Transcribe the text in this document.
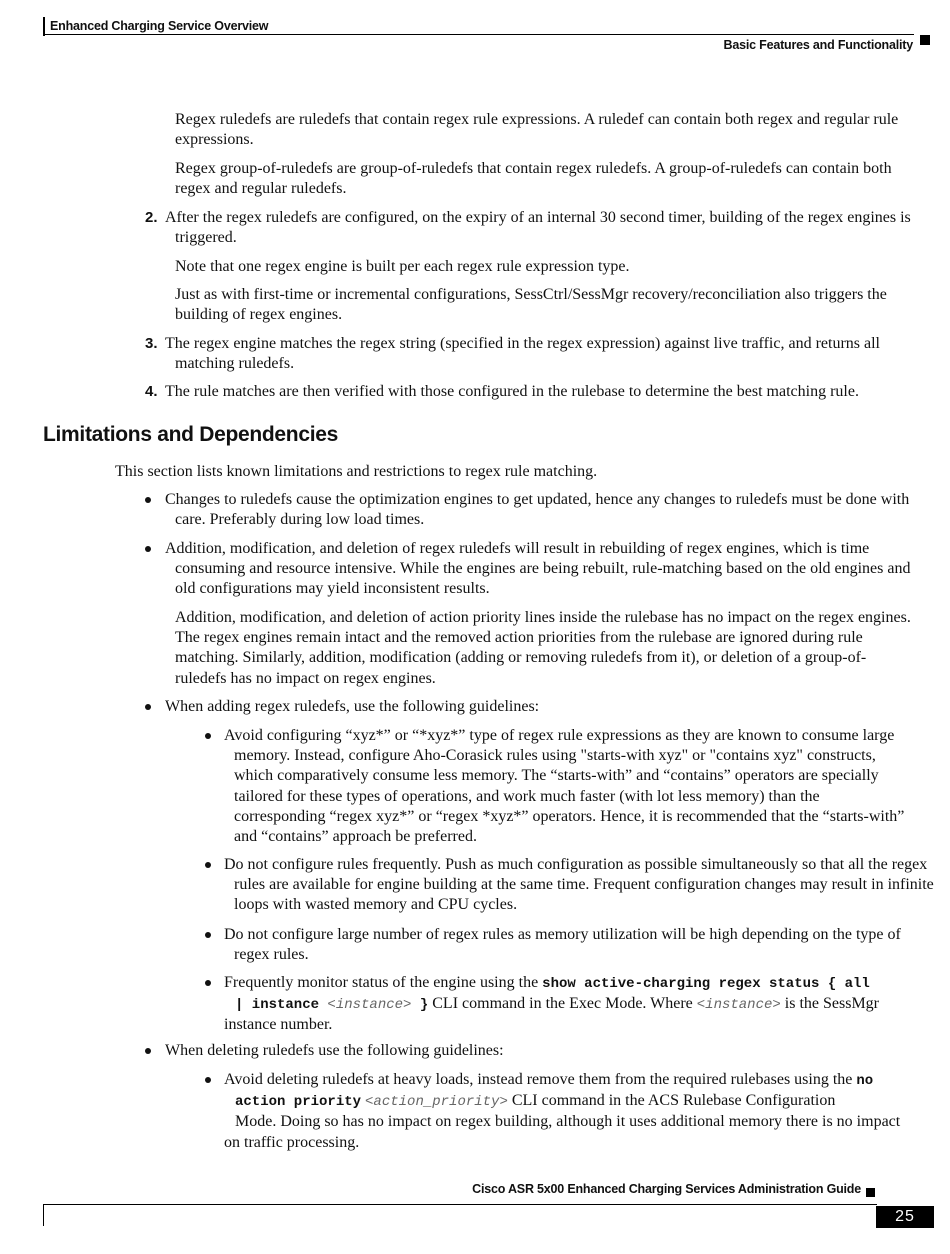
Enhanced Charging Service Overview
Basic Features and Functionality

Regex ruledefs are ruledefs that contain regex rule expressions. A ruledef can contain both regex and regular rule expressions.

Regex group-of-ruledefs are group-of-ruledefs that contain regex ruledefs. A group-of-ruledefs can contain both regex and regular ruledefs.

2. After the regex ruledefs are configured, on the expiry of an internal 30 second timer, building of the regex engines is triggered.

Note that one regex engine is built per each regex rule expression type.

Just as with first-time or incremental configurations, SessCtrl/SessMgr recovery/reconciliation also triggers the building of regex engines.

3. The regex engine matches the regex string (specified in the regex expression) against live traffic, and returns all matching ruledefs.

4. The rule matches are then verified with those configured in the rulebase to determine the best matching rule.

Limitations and Dependencies

This section lists known limitations and restrictions to regex rule matching.

Changes to ruledefs cause the optimization engines to get updated, hence any changes to ruledefs must be done with care. Preferably during low load times.

Addition, modification, and deletion of regex ruledefs will result in rebuilding of regex engines, which is time consuming and resource intensive. While the engines are being rebuilt, rule-matching based on the old engines and old configurations may yield inconsistent results.

Addition, modification, and deletion of action priority lines inside the rulebase has no impact on the regex engines. The regex engines remain intact and the removed action priorities from the rulebase are ignored during rule matching. Similarly, addition, modification (adding or removing ruledefs from it), or deletion of a group-of-ruledefs has no impact on regex engines.

When adding regex ruledefs, use the following guidelines:

Avoid configuring “xyz*” or “*xyz*” type of regex rule expressions as they are known to consume large memory. Instead, configure Aho-Corasick rules using "starts-with xyz" or "contains xyz" constructs, which comparatively consume less memory. The “starts-with” and “contains” operators are specially tailored for these types of operations, and work much faster (with lot less memory) than the corresponding “regex xyz*” or “regex *xyz*” operators. Hence, it is recommended that the “starts-with” and “contains” approach be preferred.

Do not configure rules frequently. Push as much configuration as possible simultaneously so that all the regex rules are available for engine building at the same time. Frequent configuration changes may result in infinite loops with wasted memory and CPU cycles.

Do not configure large number of regex rules as memory utilization will be high depending on the type of regex rules.

Frequently monitor status of the engine using the show active-charging regex status { all
| instance <instance> } CLI command in the Exec Mode. Where <instance> is the SessMgr instance number.

When deleting ruledefs use the following guidelines:

Avoid deleting ruledefs at heavy loads, instead remove them from the required rulebases using the no
action priority <action_priority> CLI command in the ACS Rulebase Configuration
Mode. Doing so has no impact on regex building, although it uses additional memory there is no impact on traffic processing.

Cisco ASR 5x00 Enhanced Charging Services Administration Guide
25
